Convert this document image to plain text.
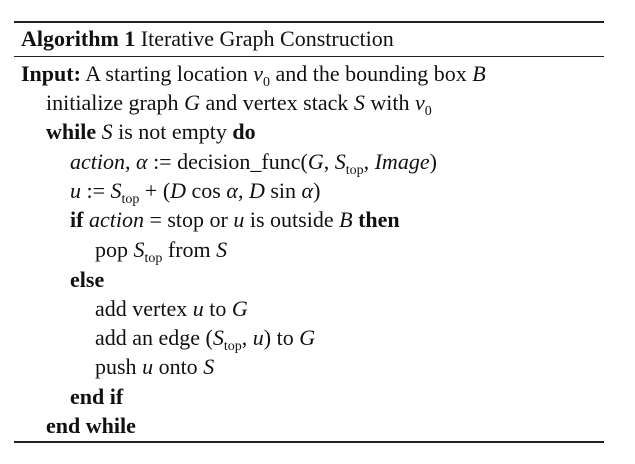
Algorithm 1 Iterative Graph Construction
Input: A starting location $v_0$ and the bounding box B
initialize graph G and vertex stack S with $v_0$
while S is not empty do
action, α := decision_func(G, $S_{top}$, Image)
u := $S_{top} + (D$ cos α, D sin α)
if action = stop or u is outside B then
pop $S_{top}$ from S
else
add vertex u to G
add an edge ($S_{top}$, u) to G
push u onto S
end if
end while
